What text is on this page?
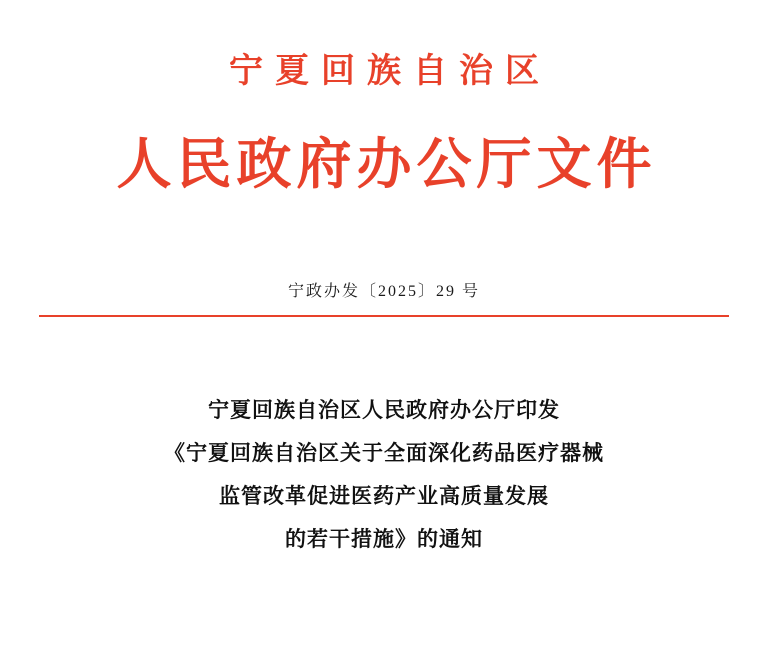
宁夏回族自治区
人民政府办公厅文件
宁政办发〔2025〕29 号
宁夏回族自治区人民政府办公厅印发
《宁夏回族自治区关于全面深化药品医疗器械
监管改革促进医药产业高质量发展
的若干措施》的通知
